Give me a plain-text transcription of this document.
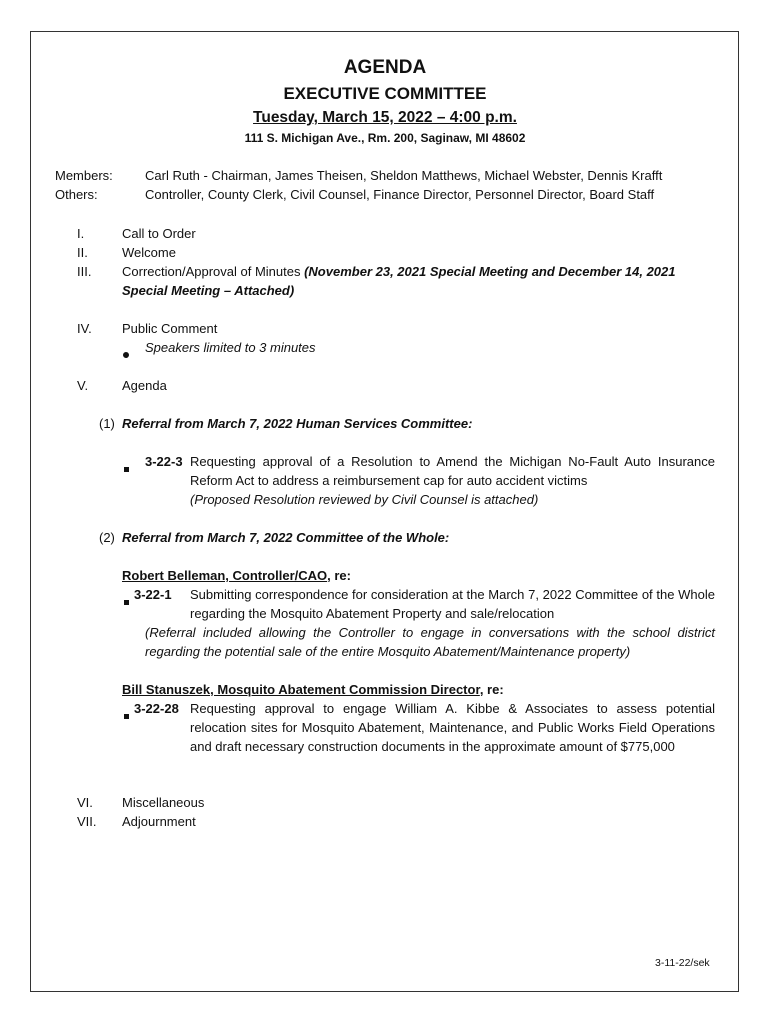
AGENDA
EXECUTIVE COMMITTEE
Tuesday, March 15, 2022 – 4:00 p.m.
111 S. Michigan Ave., Rm. 200, Saginaw, MI 48602
Members: Carl Ruth - Chairman, James Theisen, Sheldon Matthews, Michael Webster, Dennis Krafft
Others:	Controller, County Clerk, Civil Counsel, Finance Director, Personnel Director, Board Staff
I.	Call to Order
II.	Welcome
III. Correction/Approval of Minutes (November 23, 2021 Special Meeting and December 14, 2021
Special Meeting – Attached)
IV. Public Comment
Speakers limited to 3 minutes
V.	Agenda
(1) Referral from March 7, 2022 Human Services Committee:
3-22-3 Requesting approval of a Resolution to Amend the Michigan No-Fault Auto Insurance Reform Act to address a reimbursement cap for auto accident victims
(Proposed Resolution reviewed by Civil Counsel is attached)
(2) Referral from March 7, 2022 Committee of the Whole:
Robert Belleman, Controller/CAO, re:
3-22-1 Submitting correspondence for consideration at the March 7, 2022 Committee of the Whole regarding the Mosquito Abatement Property and sale/relocation
(Referral included allowing the Controller to engage in conversations with the school district regarding the potential sale of the entire Mosquito Abatement/Maintenance property)
Bill Stanuszek, Mosquito Abatement Commission Director, re:
3-22-28 Requesting approval to engage William A. Kibbe & Associates to assess potential relocation sites for Mosquito Abatement, Maintenance, and Public Works Field Operations and draft necessary construction documents in the approximate amount of $775,000
VI. Miscellaneous
VII. Adjournment
3-11-22/sek
